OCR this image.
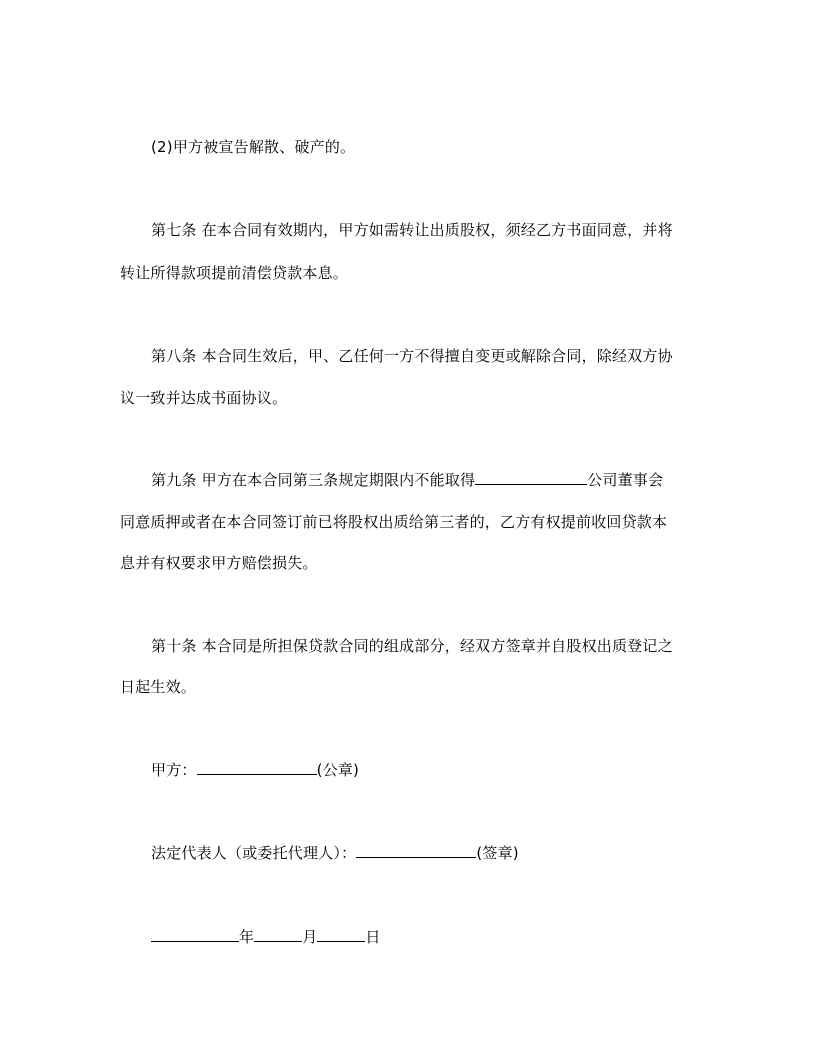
(2)甲方被宣告解散、破产的。
第七条 在本合同有效期内，甲方如需转让出质股权，须经乙方书面同意，并将
转让所得款项提前清偿贷款本息。
第八条 本合同生效后，甲、乙任何一方不得擅自变更或解除合同，除经双方协
议一致并达成书面协议。
第九条 甲方在本合同第三条规定期限内不能取得	公司董事会
同意质押或者在本合同签订前已将股权出质给第三者的，乙方有权提前收回贷款本
息并有权要求甲方赔偿损失。
第十条 本合同是所担保贷款合同的组成部分，经双方签章并自股权出质登记之
日起生效。
甲方：	(公章)
法定代表人（或委托代理人）：	(签章)
年	月	日
